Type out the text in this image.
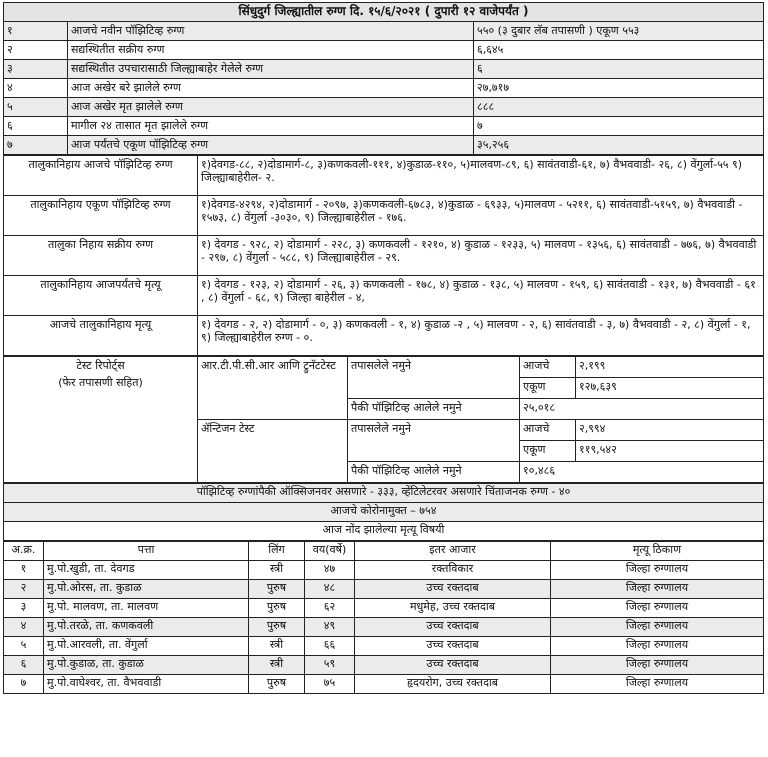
सिंधुदुर्ग जिल्ह्यातील रुग्ण दि. १५/६/२०२१ ( दुपारी १२ वाजेपर्यंत )		
१	आजचे नवीन पॉझिटिव्ह रुग्ण	५५० (३ दुबार लॅब तपासणी ) एकूण ५५३
२	सद्यस्थितीत सक्रीय रुग्ण	६,६४५
३	सद्यस्थितीत उपचारासाठी जिल्ह्याबाहेर गेलेले रुग्ण	६
४	आज अखेर बरे झालेले रुग्ण	२७,७१७
५	आज अखेर मृत झालेले रुग्ण	८८८
६	मागील २४ तासात मृत झालेले रुग्ण	७
७	आज पर्यंतचे एकूण पॉझिटिव्ह रुग्ण	३५,२५६
तालुकानिहाय आजचे पॉझिटिव्ह रुग्ण	१)देवगड-८८, २)दोडामार्ग-८, ३)कणकवली-१११, ४)कुडाळ-११०, ५)मालवण-८९, ६) सावंतवाडी-६१, ७) वैभववाडी- २६, ८) वेंगुर्ला-५५ ९) जिल्ह्याबाहेरील- २.
तालुकानिहाय एकूण पॉझिटिव्ह रुग्ण	१)देवगड-४२९४, २)दोडामार्ग - २०९७, ३)कणकवली-६७८३, ४)कुडाळ - ६९३३, ५)मालवण - ५२११, ६) सावंतवाडी-५१५९, ७) वैभववाडी - १५७३, ८) वेंगुर्ला -३०३०, ९) जिल्ह्याबाहेरील - १७६.
तालुका निहाय सक्रीय रुग्ण	१) देवगड - ९२८, २) दोडामार्ग - २२८, ३) कणकवली - १२१०, ४) कुडाळ - १२३३, ५) मालवण - १३५६, ६) सावंतवाडी - ७७६, ७) वैभववाडी - २९७, ८) वेंगुर्ला - ५८८, ९) जिल्ह्याबाहेरील - २९.
तालुकानिहाय आजपर्यंतचे मृत्यू	१) देवगड - १२३, २) दोडामार्ग - २६, ३) कणकवली - १७८, ४) कुडाळ - १३८, ५) मालवण - १५९, ६) सावंतवाडी - १३१, ७) वैभववाडी - ६१ , ८) वेंगुर्ला - ६८, ९) जिल्हा बाहेरील - ४,
आजचे तालुकानिहाय मृत्यू	१) देवगड - २, २) दोडामार्ग - ०, ३) कणकवली - १, ४) कुडाळ -२ , ५) मालवण - २, ६) सावंतवाडी - ३, ७) वैभववाडी - २, ८) वेंगुर्ला - १, ९) जिल्ह्याबाहेरील रुग्ण - ०.
टेस्ट रिपोर्ट्स
(फेर तपासणी सहित)	आर.टी.पी.सी.आर आणि ट्रुनॅटटेस्ट	तपासलेले नमुने	आजचे	२,१९९
			एकूण	१२७,६३९
		पैकी पॉझिटिव्ह आलेले नमुने	२५,०१८	
	ॲन्टिजन टेस्ट	तपासलेले नमुने	आजचे	२,९९४
			एकूण	११९,५४२
		पैकी पॉझिटिव्ह आलेले नमुने	१०,४८६	
पॉझिटिव्ह रुग्णांपैकी ऑक्सिजनवर असणारे - ३३३, व्हेंटिलेटरवर असणारे चिंताजनक रुग्ण - ४०
आजचे कोरोनामुक्त – ७५४
आज नोंद झालेल्या मृत्यू विषयी
अ.क्र.	पत्ता	लिंग	वय(वर्षे)	इतर आजार	मृत्यू ठिकाण
१	मु.पो.खुडी, ता. देवगड	स्त्री	४७	रक्तविकार	जिल्हा रुग्णालय
२	मु.पो.ओरस, ता. कुडाळ	पुरुष	४८	उच्च रक्तदाब	जिल्हा रुग्णालय
३	मु.पो. मालवण, ता. मालवण	पुरुष	६२	मधुमेह, उच्च रक्तदाब	जिल्हा रुग्णालय
४	मु.पो.तरळे, ता. कणकवली	पुरुष	४९	उच्च रक्तदाब	जिल्हा रुग्णालय
५	मु.पो.आरवली, ता. वेंगुर्ला	स्त्री	६६	उच्च रक्तदाब	जिल्हा रुग्णालय
६	मु.पो.कुडाळ, ता. कुडाळ	स्त्री	५९	उच्च रक्तदाब	जिल्हा रुग्णालय
७	मु.पो.वाघेश्वर, ता. वैभववाडी	पुरुष	७५	हृदयरोग, उच्च रक्तदाब	जिल्हा रुग्णालय
